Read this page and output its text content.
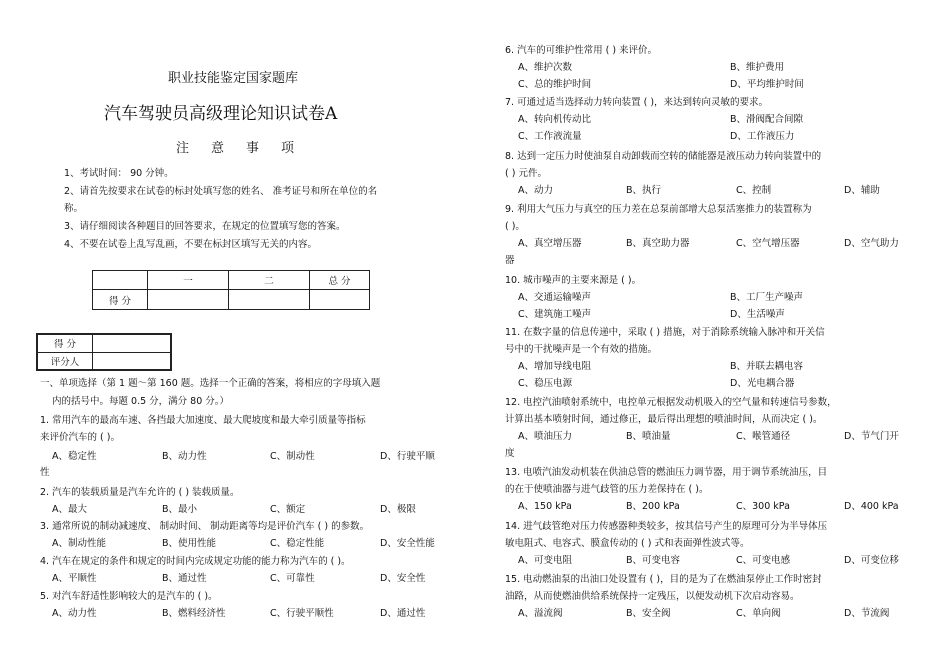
职业技能鉴定国家题库
汽车驾驶员高级理论知识试卷A
注意事项
1、考试时间： 90 分钟。
2、请首先按要求在试卷的标封处填写您的姓名、 准考证号和所在单位的名
称。
3、请仔细阅读各种题目的回答要求，在规定的位置填写您的答案。
4、不要在试卷上乱写乱画，不要在标封区填写无关的内容。
	一	二	总 分
得 分			
得 分	
评分人	
一、单项选择（第 1 题～第 160 题。选择一个正确的答案，将相应的字母填入题
内的括号中。每题 0.5 分，满分 80 分。）
1. 常用汽车的最高车速、各挡最大加速度、最大爬坡度和最大牵引质量等指标
来评价汽车的 ( )。
A、稳定性	B、动力性	C、制动性	D、行驶平顺
性
2. 汽车的装载质量是汽车允许的 ( ) 装载质量。
A、最大	B、最小	C、额定	D、极限
3. 通常所说的制动减速度、 制动时间、 制动距离等均是评价汽车 ( ) 的参数。
A、制动性能	B、使用性能	C、稳定性能	D、安全性能
4. 汽车在规定的条件和规定的时间内完成规定功能的能力称为汽车的 ( )。
A、平顺性	B、通过性	C、可靠性	D、安全性
5. 对汽车舒适性影响较大的是汽车的 ( )。
A、动力性	B、燃料经济性	C、行驶平顺性	D、通过性
6. 汽车的可维护性常用 ( ) 来评价。
A、维护次数	B、维护费用
C、总的维护时间	D、平均维护时间
7. 可通过适当选择动力转向装置 ( )，来达到转向灵敏的要求。
A、转向机传动比	B、滑阀配合间隙
C、工作液流量	D、工作液压力
8. 达到一定压力时使油泵自动卸载而空转的储能器是液压动力转向装置中的
( ) 元件。
A、动力	B、执行	C、控制	D、辅助
9. 利用大气压力与真空的压力差在总泵前部增大总泵活塞推力的装置称为
( )。
A、真空增压器	B、真空助力器	C、空气增压器	D、空气助力
器
10. 城市噪声的主要来源是 ( )。
A、交通运输噪声	B、工厂生产噪声
C、建筑施工噪声	D、生活噪声
11. 在数字量的信息传递中，采取 ( ) 措施，对于消除系统输入脉冲和开关信
号中的干扰噪声是一个有效的措施。
A、增加导线电阻	B、并联去耦电容
C、稳压电源	D、光电耦合器
12. 电控汽油喷射系统中，电控单元根据发动机吸入的空气量和转速信号参数，
计算出基本喷射时间，通过修正，最后得出理想的喷油时间，从而决定 ( )。
A、喷油压力	B、喷油量	C、喉管通径	D、节气门开
度
13. 电喷汽油发动机装在供油总管的燃油压力调节器，用于调节系统油压，目
的在于使喷油器与进气歧管的压力差保持在 ( )。
A、150 kPa	B、200 kPa	C、300 kPa	D、400 kPa
14. 进气歧管绝对压力传感器种类较多，按其信号产生的原理可分为半导体压
敏电阻式、电容式、膜盒传动的 ( ) 式和表面弹性波式等。
A、可变电阻	B、可变电容	C、可变电感	D、可变位移
15. 电动燃油泵的出油口处设置有 ( )，目的是为了在燃油泵停止工作时密封
油路，从而使燃油供给系统保持一定残压，以便发动机下次启动容易。
A、溢流阀	B、安全阀	C、单向阀	D、节流阀
